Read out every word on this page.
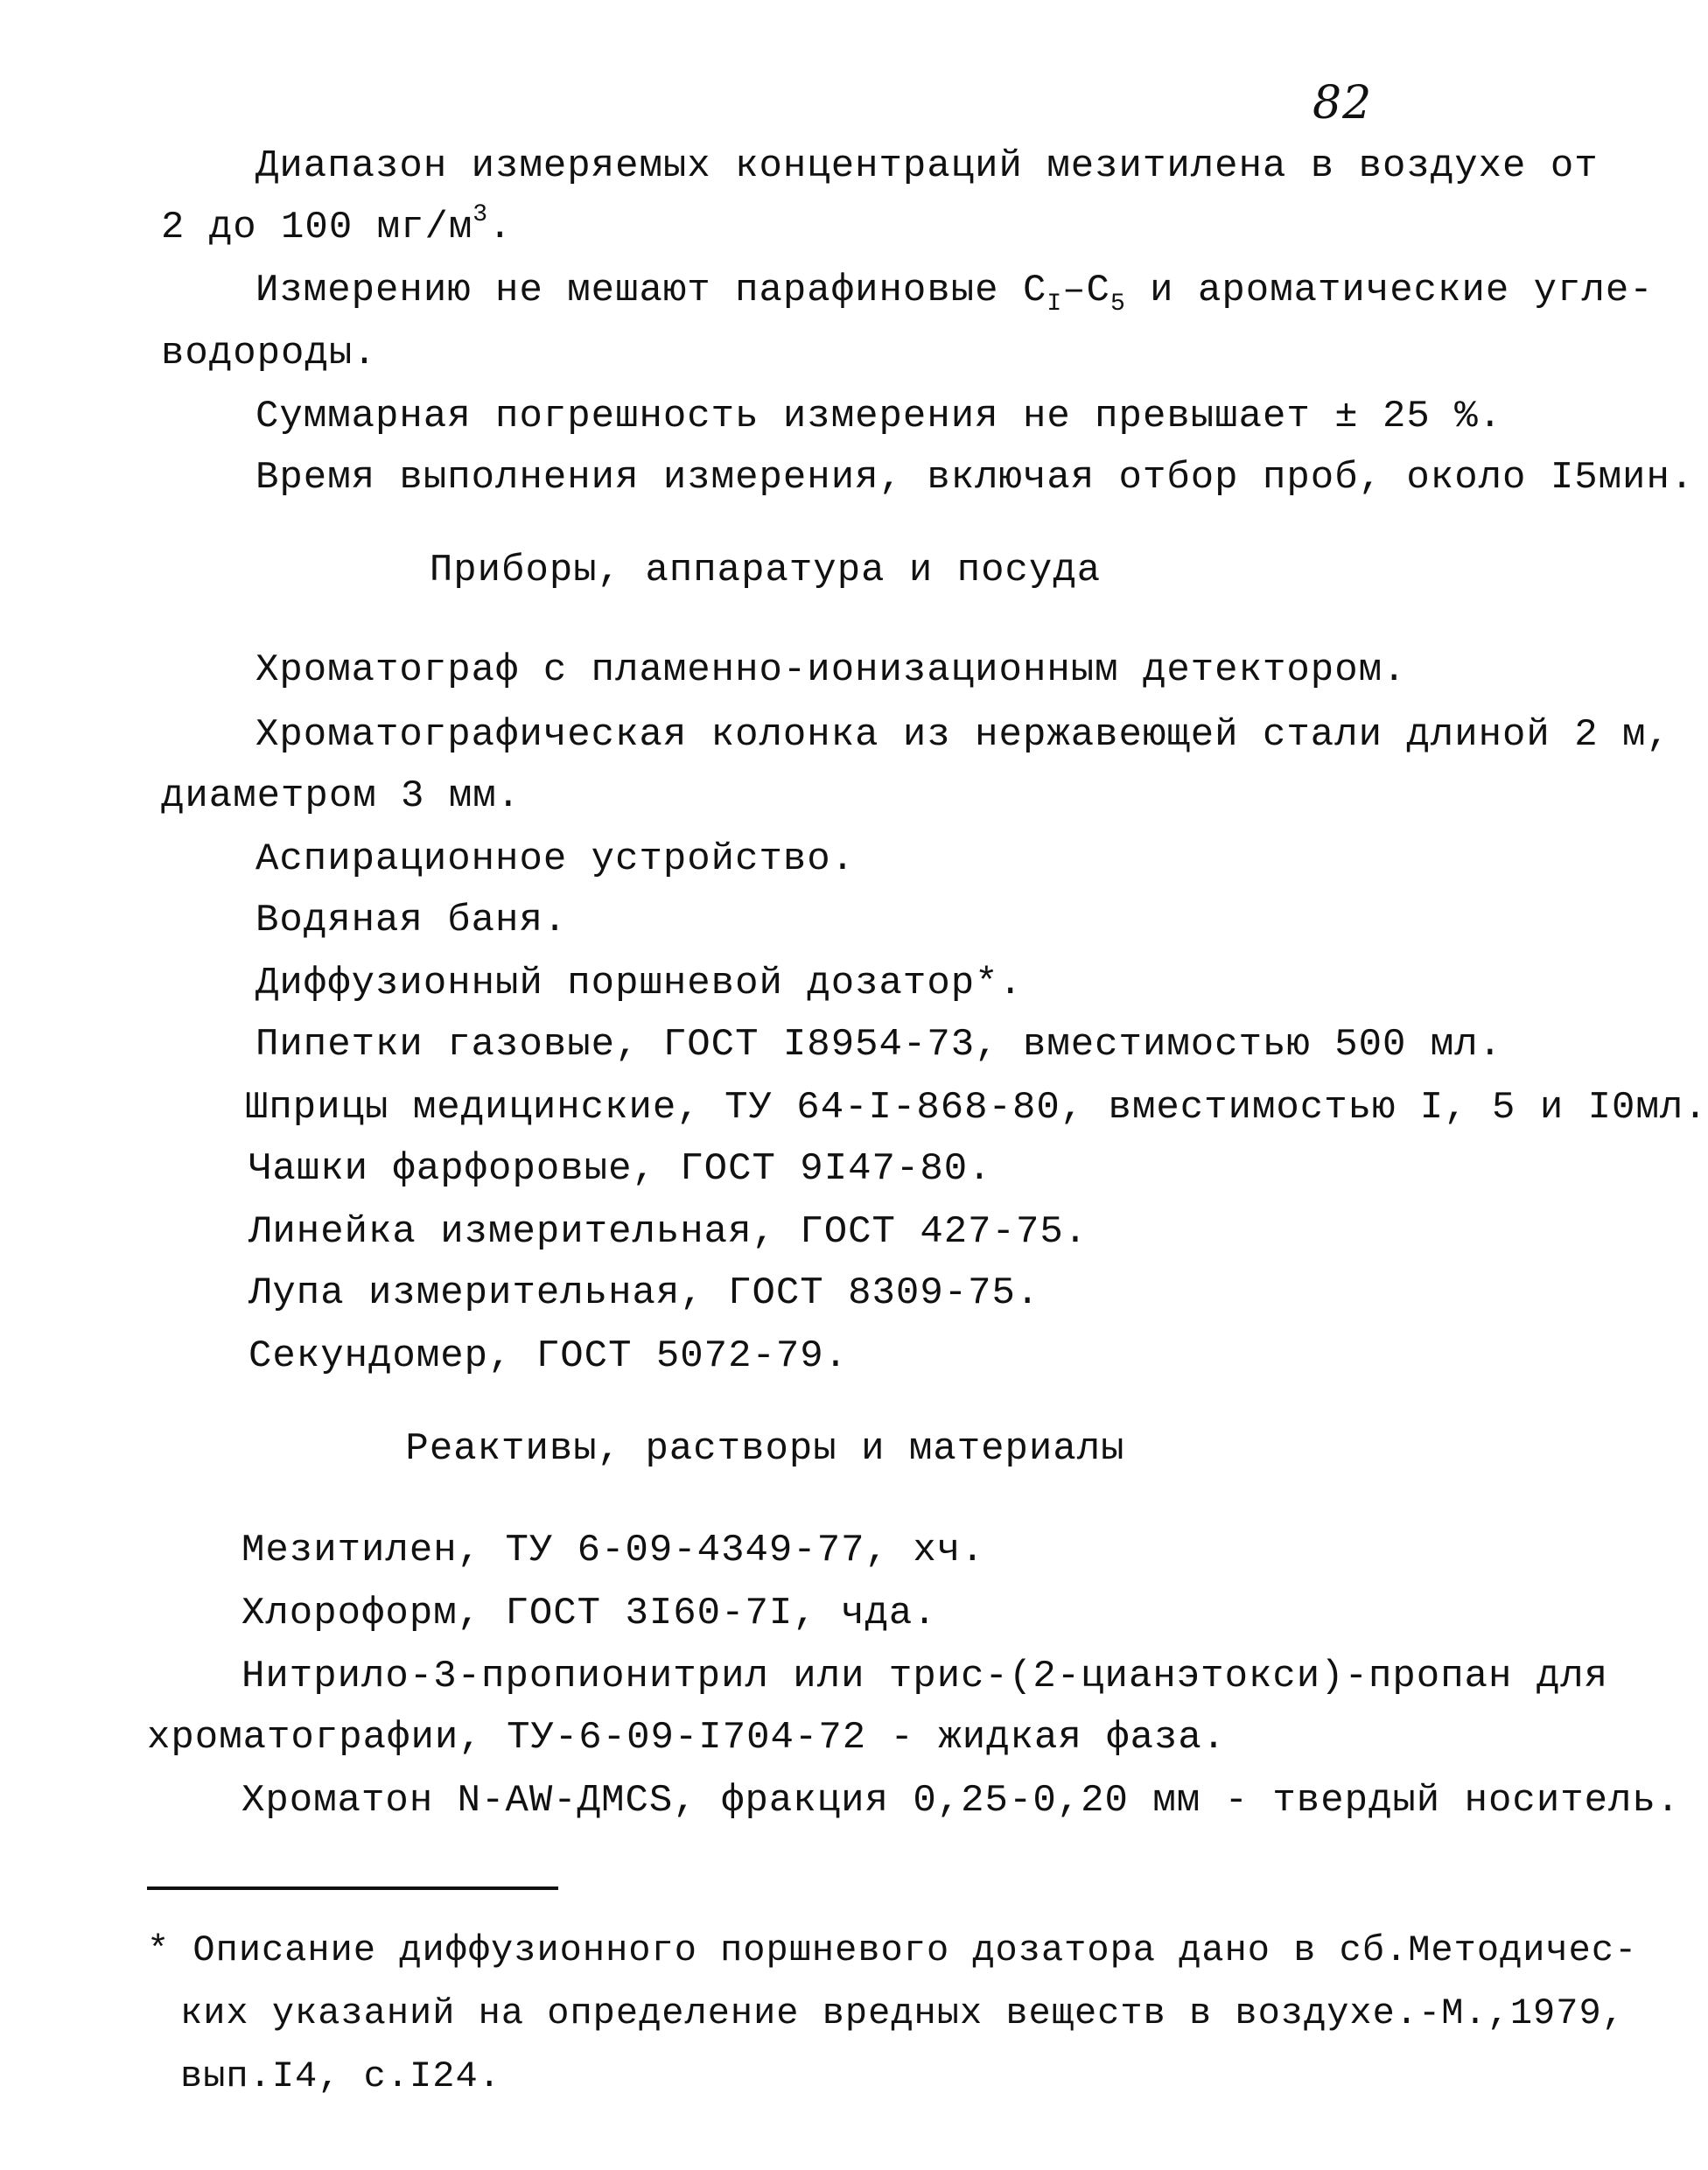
82
Диапазон измеряемых концентраций мезитилена в воздухе от
2 до 100 $мг/м^3$.
Измерению не мешают парафиновые $C_I-C_5$ и ароматические угле-
водороды.
Суммарная погрешность измерения не превышает ± 25 %.
Время выполнения измерения, включая отбор проб, около I5мин.
Приборы, аппаратура и посуда
Хроматограф с пламенно-ионизационным детектором.
Хроматографическая колонка из нержавеющей стали длиной 2 м,
диаметром 3 мм.
Аспирационное устройство.
Водяная баня.
Диффузионный поршневой дозатор*.
Пипетки газовые, ГОСТ I8954-73, вместимостью 500 мл.
Шприцы медицинские, ТУ 64-I-868-80, вместимостью I, 5 и I0мл.
Чашки фарфоровые, ГОСТ 9I47-80.
Линейка измерительная, ГОСТ 427-75.
Лупа измерительная, ГОСТ 8309-75.
Секундомер, ГОСТ 5072-79.
Реактивы, растворы и материалы
Мезитилен, ТУ 6-09-4349-77, хч.
Хлороформ, ГОСТ 3I60-7I, чда.
Нитрило-3-пропионитрил или трис-(2-цианэтокси)-пропан для
хроматографии, ТУ-6-09-I704-72 - жидкая фаза.
Хроматон N-AW-ДМСS, фракция 0,25-0,20 мм - твердый носитель.
* Описание диффузионного поршневого дозатора дано в сб.Методичес-
ких указаний на определение вредных веществ в воздухе.-М.,1979,
вып.I4, с.I24.
